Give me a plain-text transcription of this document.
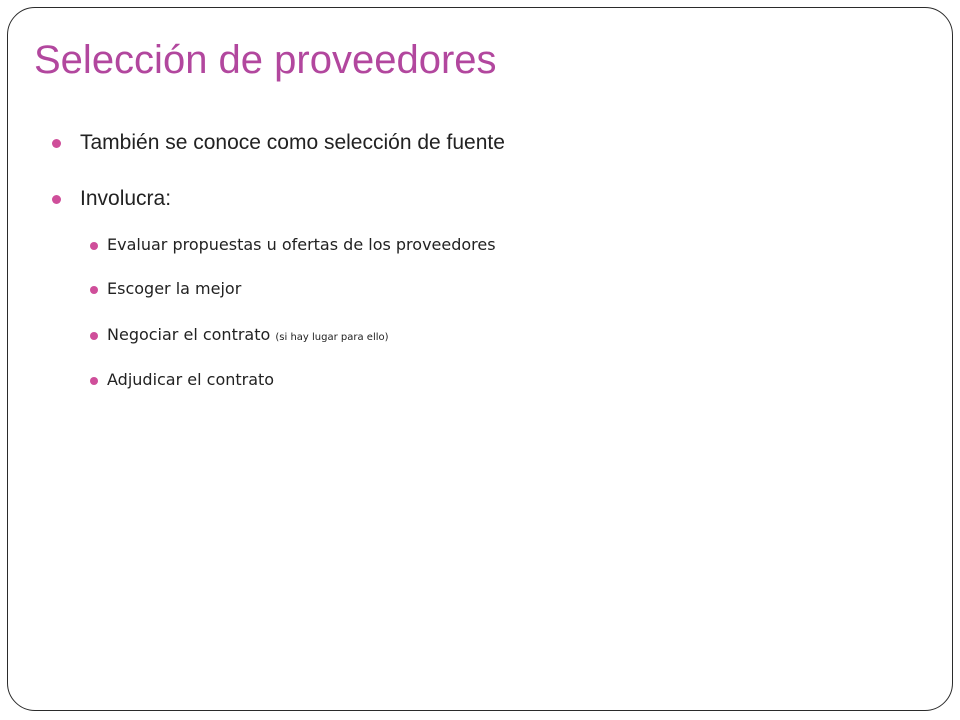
Selección de proveedores
También se conoce como selección de fuente
Involucra:
Evaluar propuestas u ofertas de los proveedores
Escoger la mejor
Negociar el contrato (si hay lugar para ello)
Adjudicar el contrato
